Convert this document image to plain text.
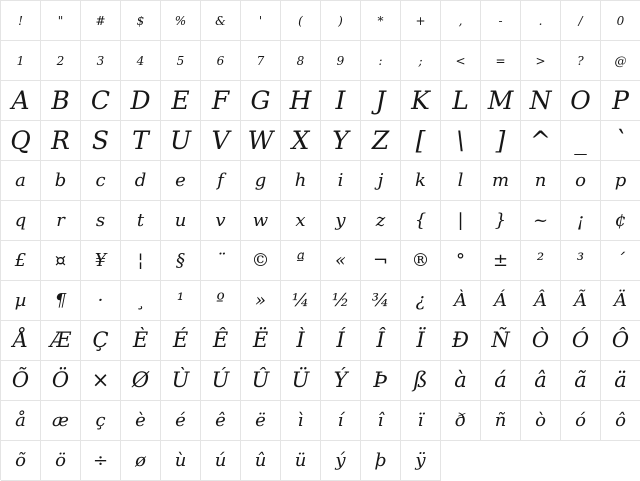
!	"	#	$	%	&	'	(	)	*	+	,	-	.	/	0
1	2	3	4	5	6	7	8	9	:	;	<	=	>	?	@
A B C D E F G H I	J	K L M N O P
Q R S T U V W X Y Z	[	\	] ^ _	`
a	b	c	d	e	f	g	h	i	j	k	l	m	n	o	p
q	r	s	t	u	v	w	x	y	z	{	|	}	~	¡	¢
£	¤	¥	¦	§	¨	©	ª	«	¬	®	°	±	²	³	´
µ	¶	·	¸	¹	º	»	¼	½	¾	¿	À	Á	Â	Ã	Ä
Å	Æ	Ç	È	É	Ê	Ë	Ì	Í	Î	Ï	Ð	Ñ	Ò	Ó	Ô
Õ	Ö	×	Ø	Ù	Ú	Û	Ü	Ý	Þ	ß	à	á	â	ã	ä
å	æ	ç	è	é	ê	ë	ì	í	î	ï	ð	ñ	ò	ó	ô
õ	ö	÷	ø	ù	ú	û	ü	ý	þ	ÿ
